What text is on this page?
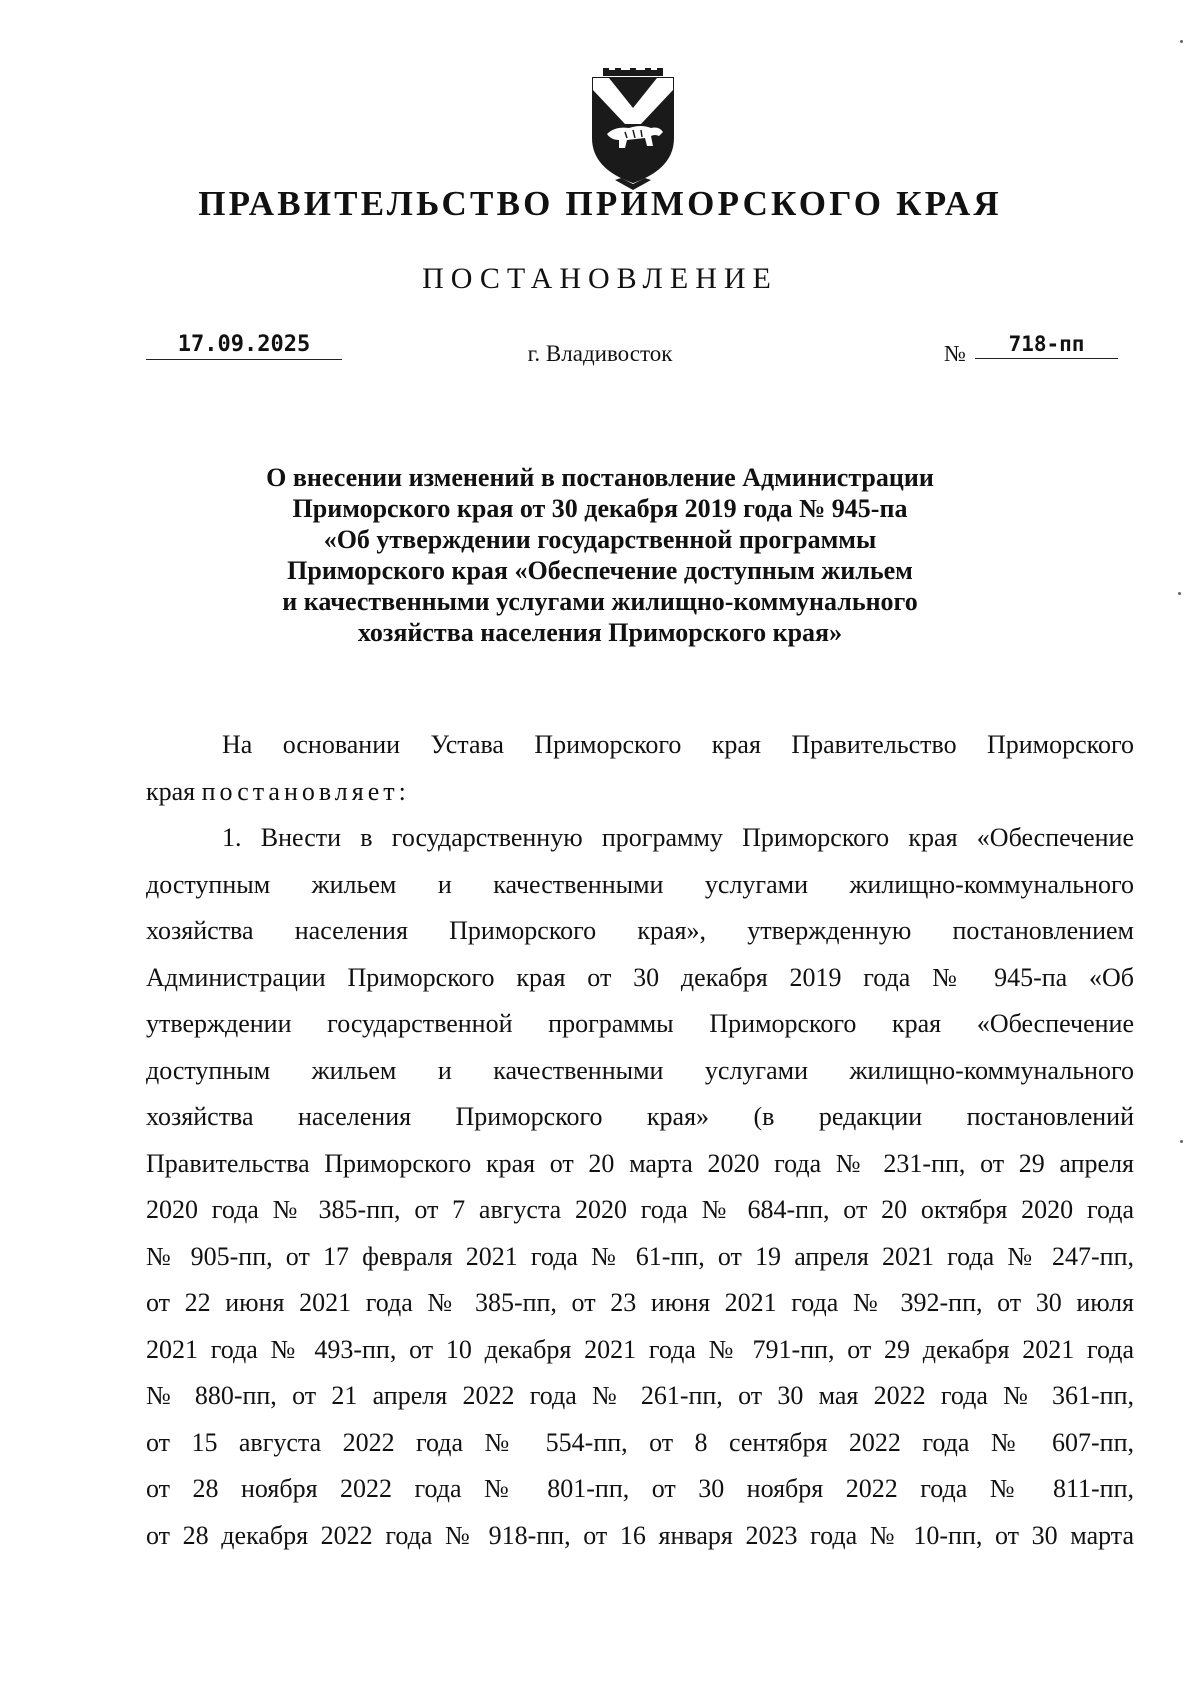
ПРАВИТЕЛЬСТВО ПРИМОРСКОГО КРАЯ
ПОСТАНОВЛЕНИЕ
17.09.2025	г. Владивосток	№	718-пп
О внесении изменений в постановление Администрации
Приморского края от 30 декабря 2019 года № 945-па
«Об утверждении государственной программы
Приморского края «Обеспечение доступным жильем
и качественными услугами жилищно-коммунального
хозяйства населения Приморского края»
На основании Устава Приморского края Правительство Приморского
края постановляет:
1. Внести в государственную программу Приморского края «Обеспечение
доступным жильем и качественными услугами жилищно-коммунального
хозяйства населения Приморского края», утвержденную постановлением
Администрации Приморского края от 30 декабря 2019 года № 945-па «Об
утверждении государственной программы Приморского края «Обеспечение
доступным жильем и качественными услугами жилищно-коммунального
хозяйства населения Приморского края» (в редакции постановлений
Правительства Приморского края от 20 марта 2020 года № 231-пп, от 29 апреля
2020 года № 385-пп, от 7 августа 2020 года № 684-пп, от 20 октября 2020 года
№ 905-пп, от 17 февраля 2021 года № 61-пп, от 19 апреля 2021 года № 247-пп,
от 22 июня 2021 года № 385-пп, от 23 июня 2021 года № 392-пп, от 30 июля
2021 года № 493-пп, от 10 декабря 2021 года № 791-пп, от 29 декабря 2021 года
№ 880-пп, от 21 апреля 2022 года № 261-пп, от 30 мая 2022 года № 361-пп,
от 15 августа 2022 года № 554-пп, от 8 сентября 2022 года № 607-пп,
от 28 ноября 2022 года № 801-пп, от 30 ноября 2022 года № 811-пп,
от 28 декабря 2022 года № 918-пп, от 16 января 2023 года № 10-пп, от 30 марта
